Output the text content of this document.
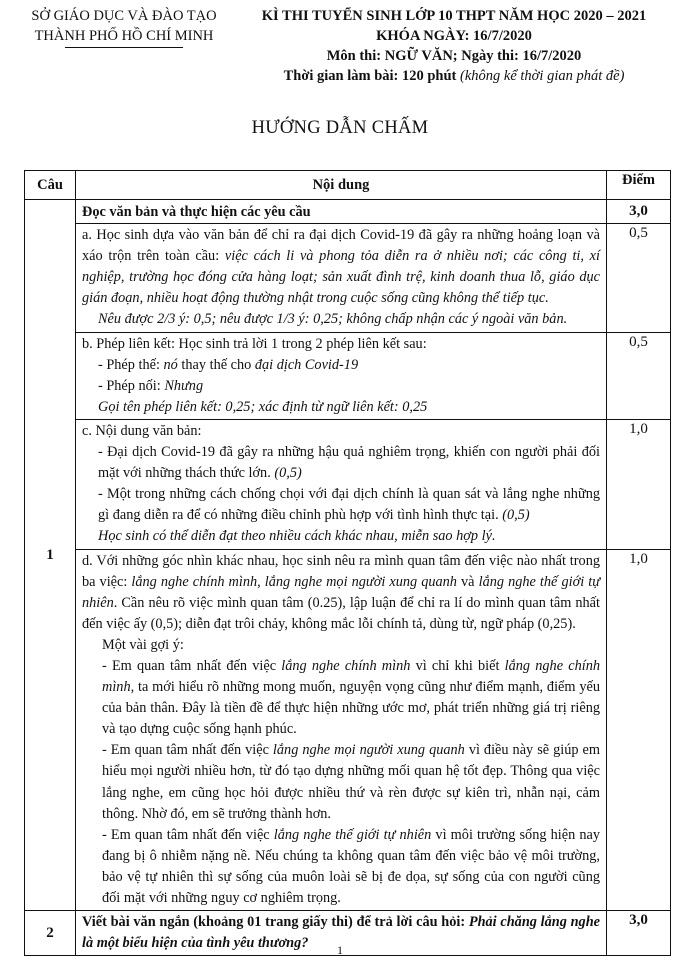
SỞ GIÁO DỤC VÀ ĐÀO TẠO
THÀNH PHỐ HỒ CHÍ MINH
KÌ THI TUYỂN SINH LỚP 10 THPT NĂM HỌC 2020 – 2021
KHÓA NGÀY: 16/7/2020
Môn thi: NGỮ VĂN; Ngày thi: 16/7/2020
Thời gian làm bài: 120 phút (không kể thời gian phát đề)
HƯỚNG DẪN CHẤM
Câu	Nội dung	Điểm
1	Đọc văn bản và thực hiện các yêu cầu	3,0

	a. Học sinh dựa vào văn bản để chỉ ra đại dịch Covid-19 đã gây ra những hoảng loạn và xáo trộn trên toàn cầu: việc cách li và phong tỏa diễn ra ở nhiều nơi; các công ti, xí nghiệp, trường học đóng cửa hàng loạt; sản xuất đình trệ, kinh doanh thua lỗ, giáo dục gián đoạn, nhiều hoạt động thường nhật trong cuộc sống cũng không thể tiếp tục.
Nêu được 2/3 ý: 0,5; nêu được 1/3 ý: 0,25; không chấp nhận các ý ngoài văn bản.	0,5

	b. Phép liên kết: Học sinh trả lời 1 trong 2 phép liên kết sau:
- Phép thế: nó thay thế cho đại dịch Covid-19
- Phép nối: Nhưng
Gọi tên phép liên kết: 0,25; xác định từ ngữ liên kết: 0,25	0,5

	c. Nội dung văn bản:
- Đại dịch Covid-19 đã gây ra những hậu quả nghiêm trọng, khiến con người phải đối mặt với những thách thức lớn. (0,5)
- Một trong những cách chống chọi với đại dịch chính là quan sát và lắng nghe những gì đang diễn ra để có những điều chỉnh phù hợp với tình hình thực tại. (0,5)
Học sinh có thể diễn đạt theo nhiều cách khác nhau, miễn sao hợp lý.	1,0

	d. Với những góc nhìn khác nhau, học sinh nêu ra mình quan tâm đến việc nào nhất trong ba việc: lắng nghe chính mình, lắng nghe mọi người xung quanh và lắng nghe thế giới tự nhiên. Cần nêu rõ việc mình quan tâm (0.25), lập luận để chỉ ra lí do mình quan tâm nhất đến việc ấy (0,5); diễn đạt trôi chảy, không mắc lỗi chính tả, dùng từ, ngữ pháp (0,25).
Một vài gợi ý:
- Em quan tâm nhất đến việc lắng nghe chính mình vì chỉ khi biết lắng nghe chính mình, ta mới hiểu rõ những mong muốn, nguyện vọng cũng như điểm mạnh, điểm yếu của bản thân. Đây là tiền đề để thực hiện những ước mơ, phát triển những giá trị riêng và tạo dựng cuộc sống hạnh phúc.
- Em quan tâm nhất đến việc lắng nghe mọi người xung quanh vì điều này sẽ giúp em hiểu mọi người nhiều hơn, từ đó tạo dựng những mối quan hệ tốt đẹp. Thông qua việc lắng nghe, em cũng học hỏi được nhiều thứ và rèn được sự kiên trì, nhẫn nại, cảm thông. Nhờ đó, em sẽ trưởng thành hơn.
- Em quan tâm nhất đến việc lắng nghe thế giới tự nhiên vì môi trường sống hiện nay đang bị ô nhiễm nặng nề. Nếu chúng ta không quan tâm đến việc bảo vệ môi trường, bảo vệ tự nhiên thì sự sống của muôn loài sẽ bị đe dọa, sự sống của con người cũng đối mặt với những nguy cơ nghiêm trọng.	1,0
2	Viết bài văn ngắn (khoảng 01 trang giấy thi) để trả lời câu hỏi: Phải chăng lắng nghe là một biểu hiện của tình yêu thương?	3,0
1
